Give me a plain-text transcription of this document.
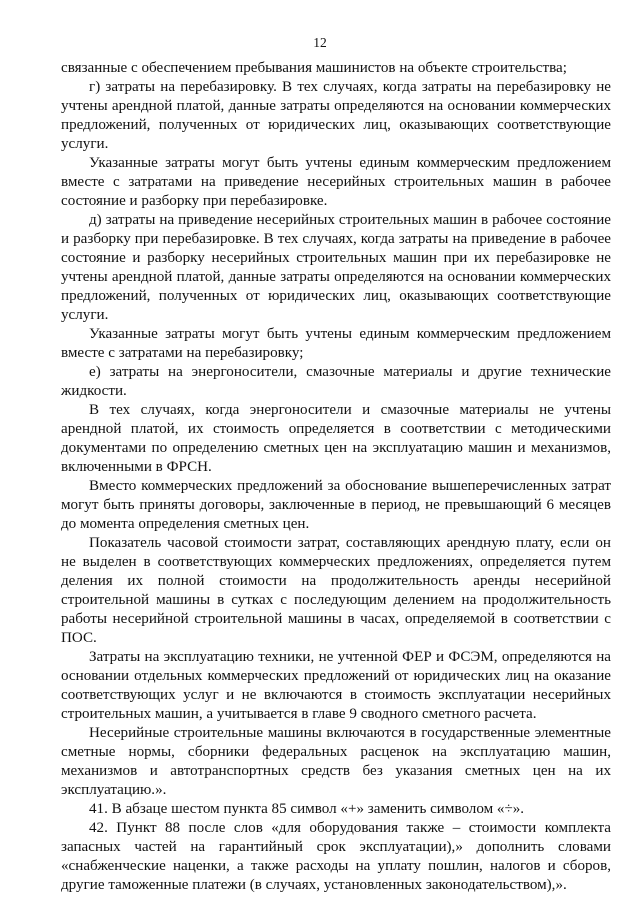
12

связанные с обеспечением пребывания машинистов на объекте строительства;

г) затраты на перебазировку. В тех случаях, когда затраты на перебазировку не учтены арендной платой, данные затраты определяются на основании коммерческих предложений, полученных от юридических лиц, оказывающих соответствующие услуги.

Указанные затраты могут быть учтены единым коммерческим предложением вместе с затратами на приведение несерийных строительных машин в рабочее состояние и разборку при перебазировке.

д) затраты на приведение несерийных строительных машин в рабочее состояние и разборку при перебазировке. В тех случаях, когда затраты на приведение в рабочее состояние и разборку несерийных строительных машин при их перебазировке не учтены арендной платой, данные затраты определяются на основании коммерческих предложений, полученных от юридических лиц, оказывающих соответствующие услуги.

Указанные затраты могут быть учтены единым коммерческим предложением вместе с затратами на перебазировку;

е) затраты на энергоносители, смазочные материалы и другие технические жидкости.

В тех случаях, когда энергоносители и смазочные материалы не учтены арендной платой, их стоимость определяется в соответствии с методическими документами по определению сметных цен на эксплуатацию машин и механизмов, включенными в ФРСН.

Вместо коммерческих предложений за обоснование вышеперечисленных затрат могут быть приняты договоры, заключенные в период, не превышающий 6 месяцев до момента определения сметных цен.

Показатель часовой стоимости затрат, составляющих арендную плату, если он не выделен в соответствующих коммерческих предложениях, определяется путем деления их полной стоимости на продолжительность аренды несерийной строительной машины в сутках с последующим делением на продолжительность работы несерийной строительной машины в часах, определяемой в соответствии с ПОС.

Затраты на эксплуатацию техники, не учтенной ФЕР и ФСЭМ, определяются на основании отдельных коммерческих предложений от юридических лиц на оказание соответствующих услуг и не включаются в стоимость эксплуатации несерийных строительных машин, а учитывается в главе 9 сводного сметного расчета.

Несерийные строительные машины включаются в государственные элементные сметные нормы, сборники федеральных расценок на эксплуатацию машин, механизмов и автотранспортных средств без указания сметных цен на их эксплуатацию.».

41. В абзаце шестом пункта 85 символ «+» заменить символом «÷».

42. Пункт 88 после слов «для оборудования также – стоимости комплекта запасных частей на гарантийный срок эксплуатации),» дополнить словами «снабженческие наценки, а также расходы на уплату пошлин, налогов и сборов, другие таможенные платежи (в случаях, установленных законодательством),».
